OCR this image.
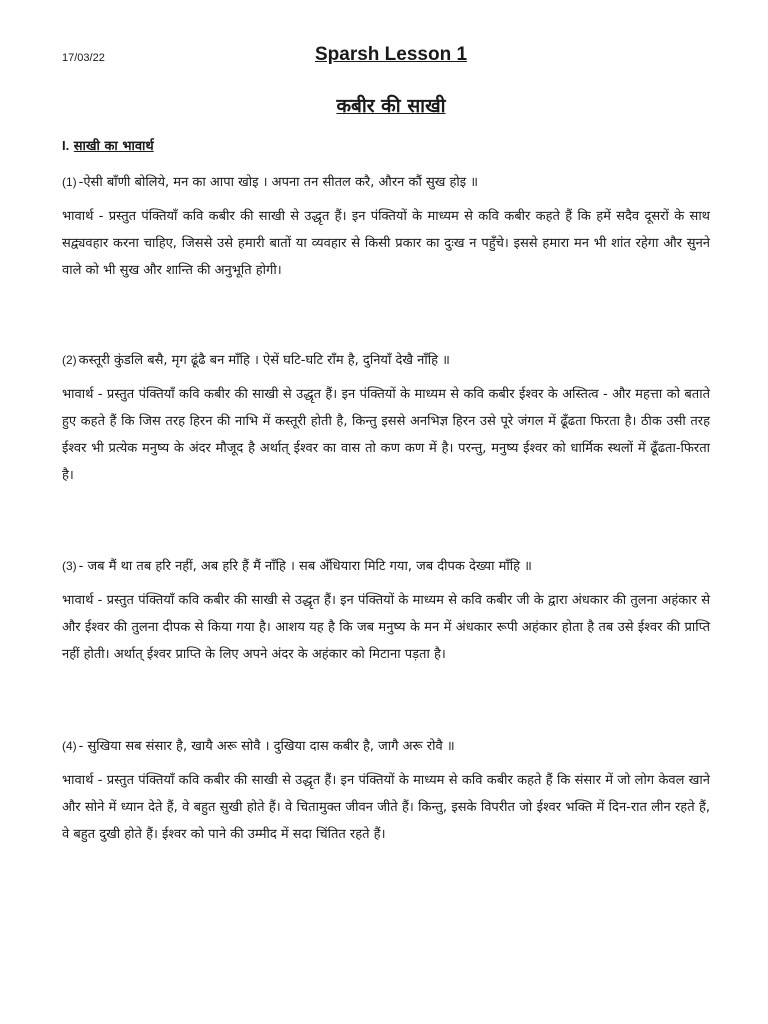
17/03/22	Sparsh Lesson 1
कबीर की साखी
I. साखी का भावार्थ
(1) -ऐसी बाँणी बोलिये, मन का आपा खोइ । अपना तन सीतल करै, औरन कौं सुख होइ ॥
भावार्थ - प्रस्तुत पंक्तियाँ कवि कबीर की साखी से उद्धृत हैं। इन पंक्तियों के माध्यम से कवि कबीर कहते हैं कि हमें सदैव दूसरों के साथ सद्व्यवहार करना चाहिए, जिससे उसे हमारी बातों या व्यवहार से किसी प्रकार का दुःख न पहुँचे। इससे हमारा मन भी शांत रहेगा और सुनने वाले को भी सुख और शान्ति की अनुभूति होगी।
(2) कस्तूरी कुंडलि बसै, मृग ढूंढै बन माँहि । ऐसें घटि-घटि राँम है, दुनियाँ देखै नाँहि ॥
भावार्थ - प्रस्तुत पंक्तियाँ कवि कबीर की साखी से उद्धृत हैं। इन पंक्तियों के माध्यम से कवि कबीर ईश्वर के अस्तित्व - और महत्ता को बताते हुए कहते हैं कि जिस तरह हिरन की नाभि में कस्तूरी होती है, किन्तु इससे अनभिज्ञ हिरन उसे पूरे जंगल में ढूँढता फिरता है। ठीक उसी तरह ईश्वर भी प्रत्येक मनुष्य के अंदर मौजूद है अर्थात् ईश्वर का वास तो कण कण में है। परन्तु, मनुष्य ईश्वर को धार्मिक स्थलों में ढूँढता-फिरता है।
(3) - जब मैं था तब हरि नहीं, अब हरि हैं मैं नाँहि । सब अँधियारा मिटि गया, जब दीपक देख्या माँहि ॥
भावार्थ - प्रस्तुत पंक्तियाँ कवि कबीर की साखी से उद्धृत हैं। इन पंक्तियों के माध्यम से कवि कबीर जी के द्वारा अंधकार की तुलना अहंकार से और ईश्वर की तुलना दीपक से किया गया है। आशय यह है कि जब मनुष्य के मन में अंधकार रूपी अहंकार होता है तब उसे ईश्वर की प्राप्ति नहीं होती। अर्थात् ईश्वर प्राप्ति के लिए अपने अंदर के अहंकार को मिटाना पड़ता है।
(4) - सुखिया सब संसार है, खायै अरू सोवै । दुखिया दास कबीर है, जागै अरू रोवै ॥
भावार्थ - प्रस्तुत पंक्तियाँ कवि कबीर की साखी से उद्धृत हैं। इन पंक्तियों के माध्यम से कवि कबीर कहते हैं कि संसार में जो लोग केवल खाने और सोने में ध्यान देते हैं, वे बहुत सुखी होते हैं। वे चितामुक्त जीवन जीते हैं। किन्तु, इसके विपरीत जो ईश्वर भक्ति में दिन-रात लीन रहते हैं, वे बहुत दुखी होते हैं। ईश्वर को पाने की उम्मीद में सदा चिंतित रहते हैं।
